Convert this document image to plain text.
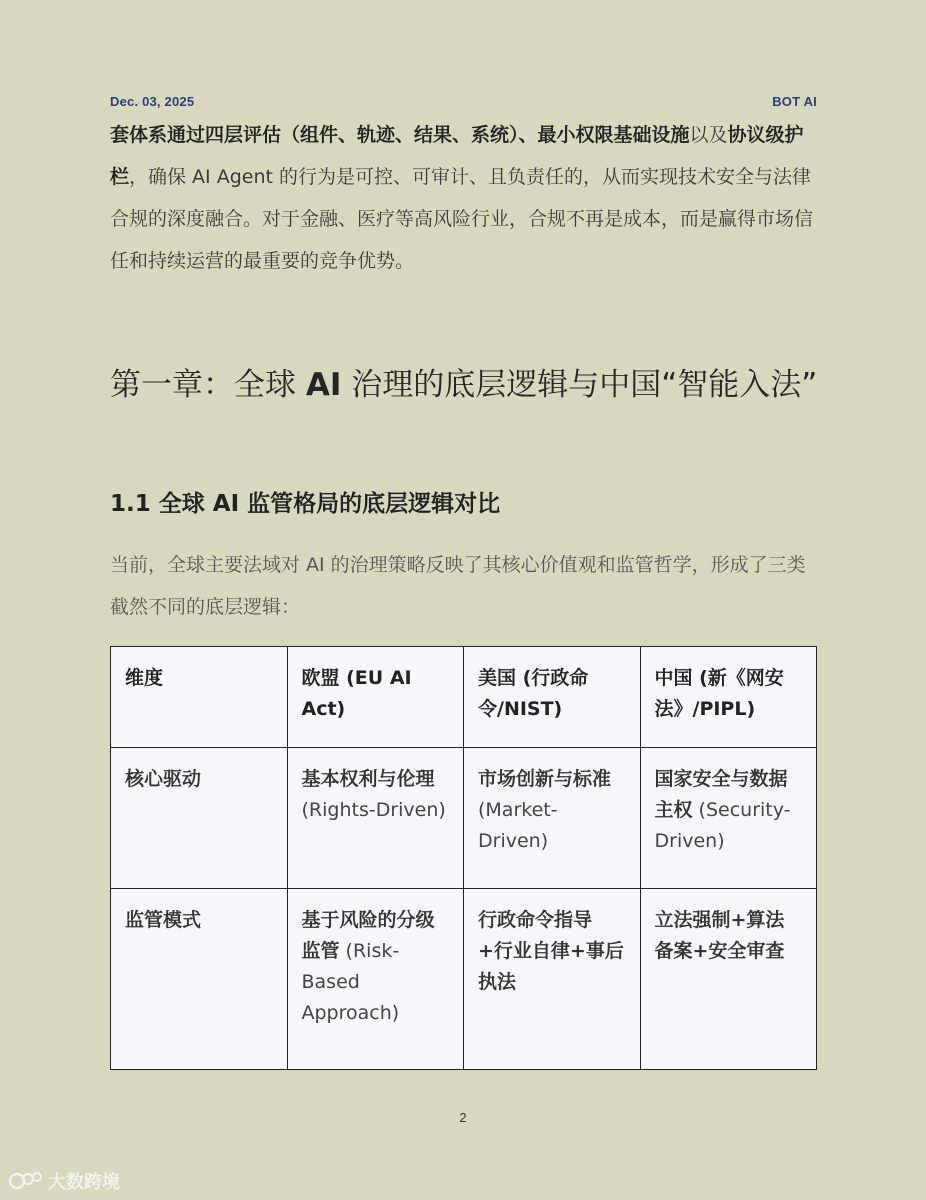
Dec. 03, 2025	BOT AI
套体系通过四层评估（组件、轨迹、结果、系统）、最小权限基础设施以及协议级护栏，确保 AI Agent 的行为是可控、可审计、且负责任的，从而实现技术安全与法律合规的深度融合。对于金融、医疗等高风险行业，合规不再是成本，而是赢得市场信任和持续运营的最重要的竞争优势。
第一章：全球 AI 治理的底层逻辑与中国“智能入法”
1.1 全球 AI 监管格局的底层逻辑对比

当前，全球主要法域对 AI 的治理策略反映了其核心价值观和监管哲学，形成了三类截然不同的底层逻辑：

维度	欧盟 (EU AI Act)	美国 (行政命令/NIST)	中国 (新《网安法》/PIPL)
核心驱动	基本权利与伦理 (Rights-Driven)	市场创新与标准 (Market-Driven)	国家安全与数据主权 (Security-Driven)
监管模式	基于风险的分级监管 (Risk-Based Approach)	行政命令指导+行业自律+事后执法	立法强制+算法备案+安全审查
2
大数跨境
